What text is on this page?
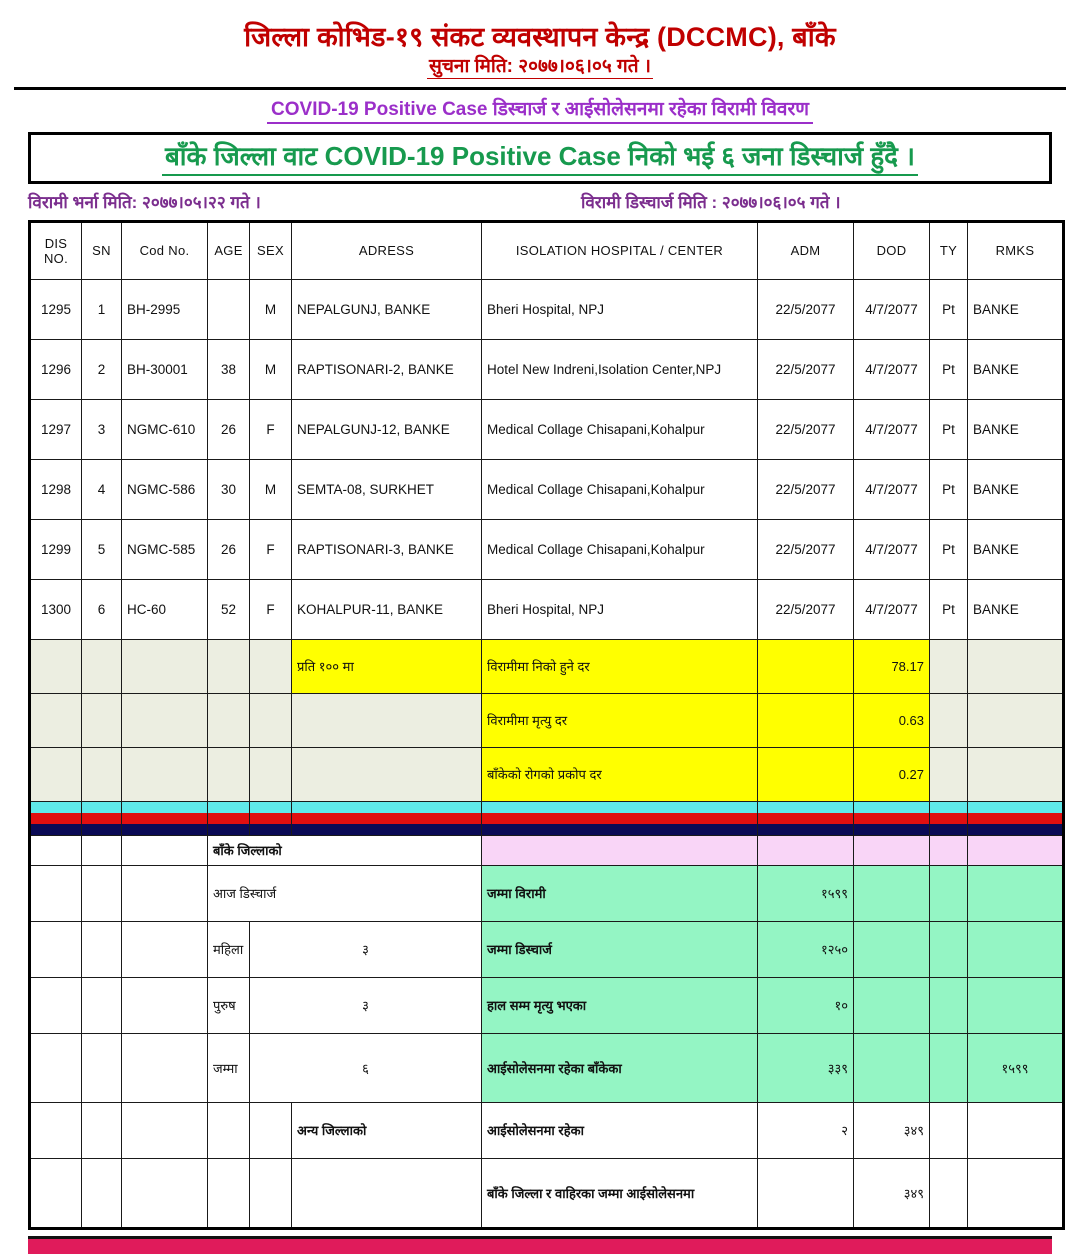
जिल्ला कोभिड-१९ संकट व्यवस्थापन केन्द्र (DCCMC), बाँके
सुचना मिति: २०७७।०६।०५ गते ।
COVID-19 Positive Case डिस्चार्ज र आईसोलेसनमा रहेका विरामी विवरण
बाँके जिल्ला वाट COVID-19 Positive Case निको भई ६ जना डिस्चार्ज हुँदै ।
विरामी भर्ना मिति: २०७७।०५।२२ गते ।	विरामी डिस्चार्ज मिति : २०७७।०६।०५ गते ।
DIS
NO.	SN	Cod No.	AGE	SEX	ADRESS	ISOLATION HOSPITAL / CENTER	ADM	DOD	TY	RMKS
1295	1	BH-2995		M	NEPALGUNJ, BANKE	Bheri Hospital, NPJ	22/5/2077	4/7/2077	Pt	BANKE
1296	2	BH-30001	38	M	RAPTISONARI-2, BANKE	Hotel New Indreni,Isolation Center,NPJ	22/5/2077	4/7/2077	Pt	BANKE
1297	3	NGMC-610	26	F	NEPALGUNJ-12, BANKE	Medical Collage Chisapani,Kohalpur	22/5/2077	4/7/2077	Pt	BANKE
1298	4	NGMC-586	30	M	SEMTA-08, SURKHET	Medical Collage Chisapani,Kohalpur	22/5/2077	4/7/2077	Pt	BANKE
1299	5	NGMC-585	26	F	RAPTISONARI-3, BANKE	Medical Collage Chisapani,Kohalpur	22/5/2077	4/7/2077	Pt	BANKE
1300	6	HC-60	52	F	KOHALPUR-11, BANKE	Bheri Hospital, NPJ	22/5/2077	4/7/2077	Pt	BANKE
					प्रति १०० मा	विरामीमा निको हुने दर		78.17		
						विरामीमा मृत्यु दर		0.63		
						बाँकेको रोगको प्रकोप दर		0.27		

			बाँके जिल्लाको							
			आज डिस्चार्ज			जम्मा विरामी	१५९९			
			महिला	३		जम्मा डिस्चार्ज	१२५०			
			पुरुष	३		हाल सम्म मृत्यु भएका	१०			
			जम्मा	६		आईसोलेसनमा रहेका बाँकेका	३३९			१५९९
					अन्य जिल्लाको	आईसोलेसनमा रहेका	२	३४९		
						बाँके जिल्ला र वाहिरका जम्मा आईसोलेसनमा		३४९		
